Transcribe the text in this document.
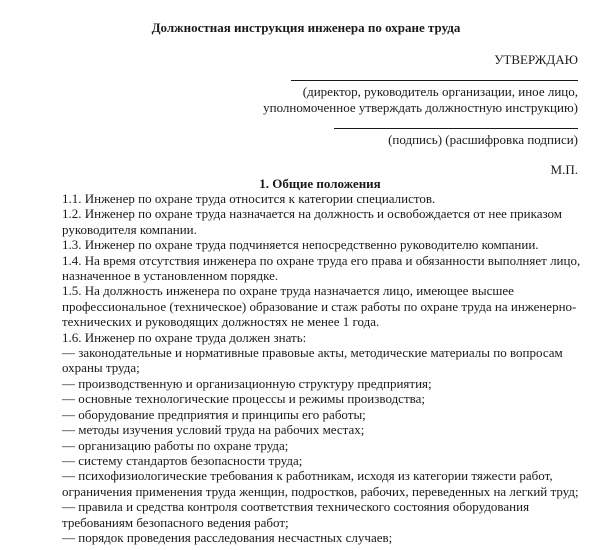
Должностная инструкция инженера по охране труда
УТВЕРЖДАЮ
(директор, руководитель организации, иное лицо,
уполномоченное утверждать должностную инструкцию)
(подпись) (расшифровка подписи)
М.П.
1. Общие положения

1.1. Инженер по охране труда относится к категории специалистов.

1.2. Инженер по охране труда назначается на должность и освобождается от нее приказом руководителя компании.

1.3. Инженер по охране труда подчиняется непосредственно руководителю компании.

1.4. На время отсутствия инженера по охране труда его права и обязанности выполняет лицо, назначенное в установленном порядке.

1.5. На должность инженера по охране труда назначается лицо, имеющее высшее профессиональное (техническое) образование и стаж работы по охране труда на инженерно-технических и руководящих должностях не менее 1 года.

1.6. Инженер по охране труда должен знать:

— законодательные и нормативные правовые акты, методические материалы по вопросам охраны труда;

— производственную и организационную структуру предприятия;

— основные технологические процессы и режимы производства;

— оборудование предприятия и принципы его работы;

— методы изучения условий труда на рабочих местах;

— организацию работы по охране труда;

— систему стандартов безопасности труда;

— психофизиологические требования к работникам, исходя из категории тяжести работ, ограничения применения труда женщин, подростков, рабочих, переведенных на легкий труд;

— правила и средства контроля соответствия технического состояния оборудования требованиям безопасного ведения работ;

— порядок проведения расследования несчастных случаев;
